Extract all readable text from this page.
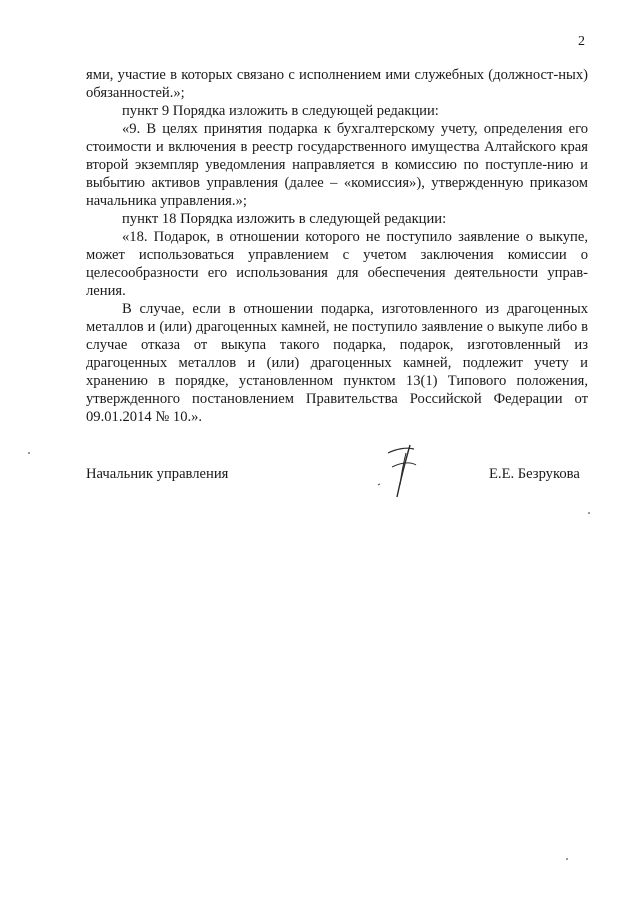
2

ями, участие в которых связано с исполнением ими служебных (должност-ных) обязанностей.»;

пункт 9 Порядка изложить в следующей редакции:

«9. В целях принятия подарка к бухгалтерскому учету, определения его стоимости и включения в реестр государственного имущества Алтайского края второй экземпляр уведомления направляется в комиссию по поступле-нию и выбытию активов управления (далее – «комиссия»), утвержденную приказом начальника управления.»;

пункт 18 Порядка изложить в следующей редакции:

«18. Подарок, в отношении которого не поступило заявление о выкупе, может использоваться управлением с учетом заключения комиссии о целесообразности его использования для обеспечения деятельности управ-ления.

В случае, если в отношении подарка, изготовленного из драгоценных металлов и (или) драгоценных камней, не поступило заявление о выкупе либо в случае отказа от выкупа такого подарка, подарок, изготовленный из драгоценных металлов и (или) драгоценных камней, подлежит учету и хранению в порядке, установленном пунктом 13(1) Типового положения, утвержденного постановлением Правительства Российской Федерации от 09.01.2014 № 10.».

Начальник управления	Е.Е. Безрукова
